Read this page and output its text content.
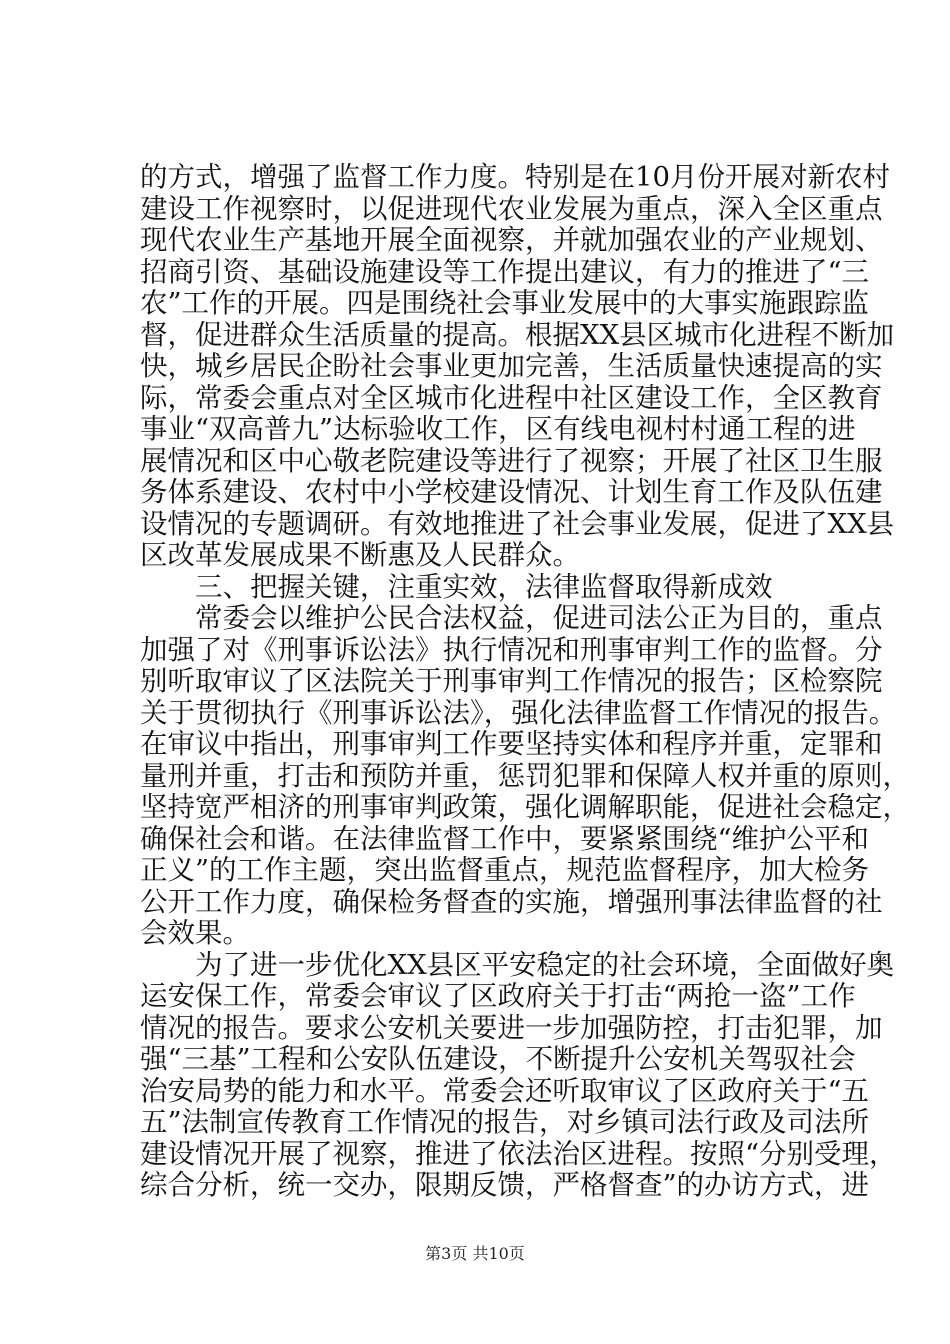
的方式，增强了监督工作力度。特别是在10月份开展对新农村
建设工作视察时，以促进现代农业发展为重点，深入全区重点
现代农业生产基地开展全面视察，并就加强农业的产业规划、
招商引资、基础设施建设等工作提出建议，有力的推进了“三
农”工作的开展。四是围绕社会事业发展中的大事实施跟踪监
督，促进群众生活质量的提高。根据XX县区城市化进程不断加
快，城乡居民企盼社会事业更加完善，生活质量快速提高的实
际，常委会重点对全区城市化进程中社区建设工作，全区教育
事业“双高普九”达标验收工作，区有线电视村村通工程的进
展情况和区中心敬老院建设等进行了视察；开展了社区卫生服
务体系建设、农村中小学校建设情况、计划生育工作及队伍建
设情况的专题调研。有效地推进了社会事业发展，促进了XX县
区改革发展成果不断惠及人民群众。
三、把握关键，注重实效，法律监督取得新成效
常委会以维护公民合法权益，促进司法公正为目的，重点
加强了对《刑事诉讼法》执行情况和刑事审判工作的监督。分
别听取审议了区法院关于刑事审判工作情况的报告；区检察院
关于贯彻执行《刑事诉讼法》，强化法律监督工作情况的报告。
在审议中指出，刑事审判工作要坚持实体和程序并重，定罪和
量刑并重，打击和预防并重，惩罚犯罪和保障人权并重的原则，
坚持宽严相济的刑事审判政策，强化调解职能，促进社会稳定，
确保社会和谐。在法律监督工作中，要紧紧围绕“维护公平和
正义”的工作主题，突出监督重点，规范监督程序，加大检务
公开工作力度，确保检务督查的实施，增强刑事法律监督的社
会效果。
为了进一步优化XX县区平安稳定的社会环境，全面做好奥
运安保工作，常委会审议了区政府关于打击“两抢一盗”工作
情况的报告。要求公安机关要进一步加强防控，打击犯罪，加
强“三基”工程和公安队伍建设，不断提升公安机关驾驭社会
治安局势的能力和水平。常委会还听取审议了区政府关于“五
五”法制宣传教育工作情况的报告，对乡镇司法行政及司法所
建设情况开展了视察，推进了依法治区进程。按照“分别受理，
综合分析，统一交办，限期反馈，严格督查”的办访方式，进
第3页 共10页
